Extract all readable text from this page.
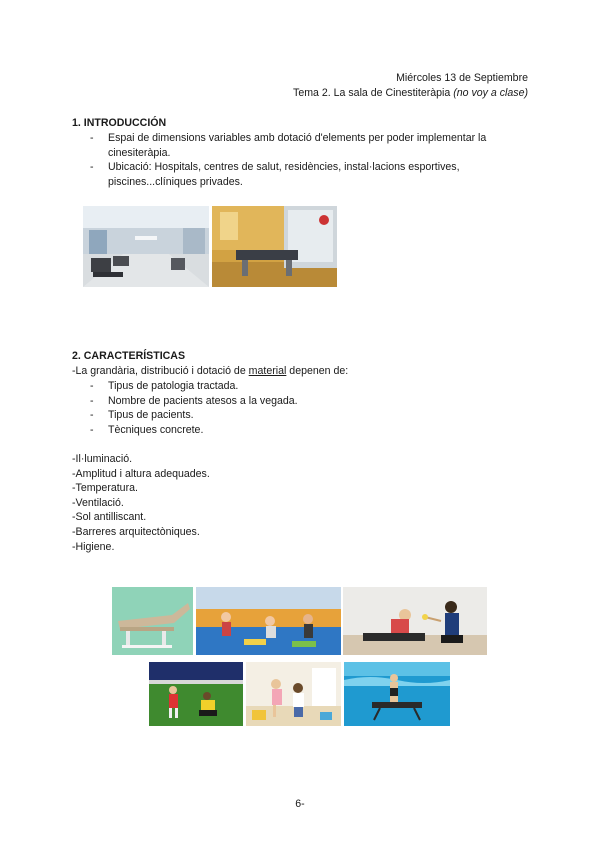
Miércoles 13 de Septiembre
Tema 2. La sala de Cinestiteràpia (no voy a clase)
1. INTRODUCCIÓN
- Espai de dimensions variables amb dotació d'elements per poder implementar la cinesiteràpia.
- Ubicació: Hospitals, centres de salut, residències, instal·lacions esportives, piscines...clíniques privades.
2. CARACTERÍSTICAS
-La grandària, distribució i dotació de material depenen de:
- Tipus de patologia tractada.
- Nombre de pacients atesos a la vegada.
- Tipus de pacients.
- Tècniques concrete.
-Il·luminació.
-Amplitud i altura adequades.
-Temperatura.
-Ventilació.
-Sol antilliscant.
-Barreres arquitectòniques.
-Higiene.
6-
